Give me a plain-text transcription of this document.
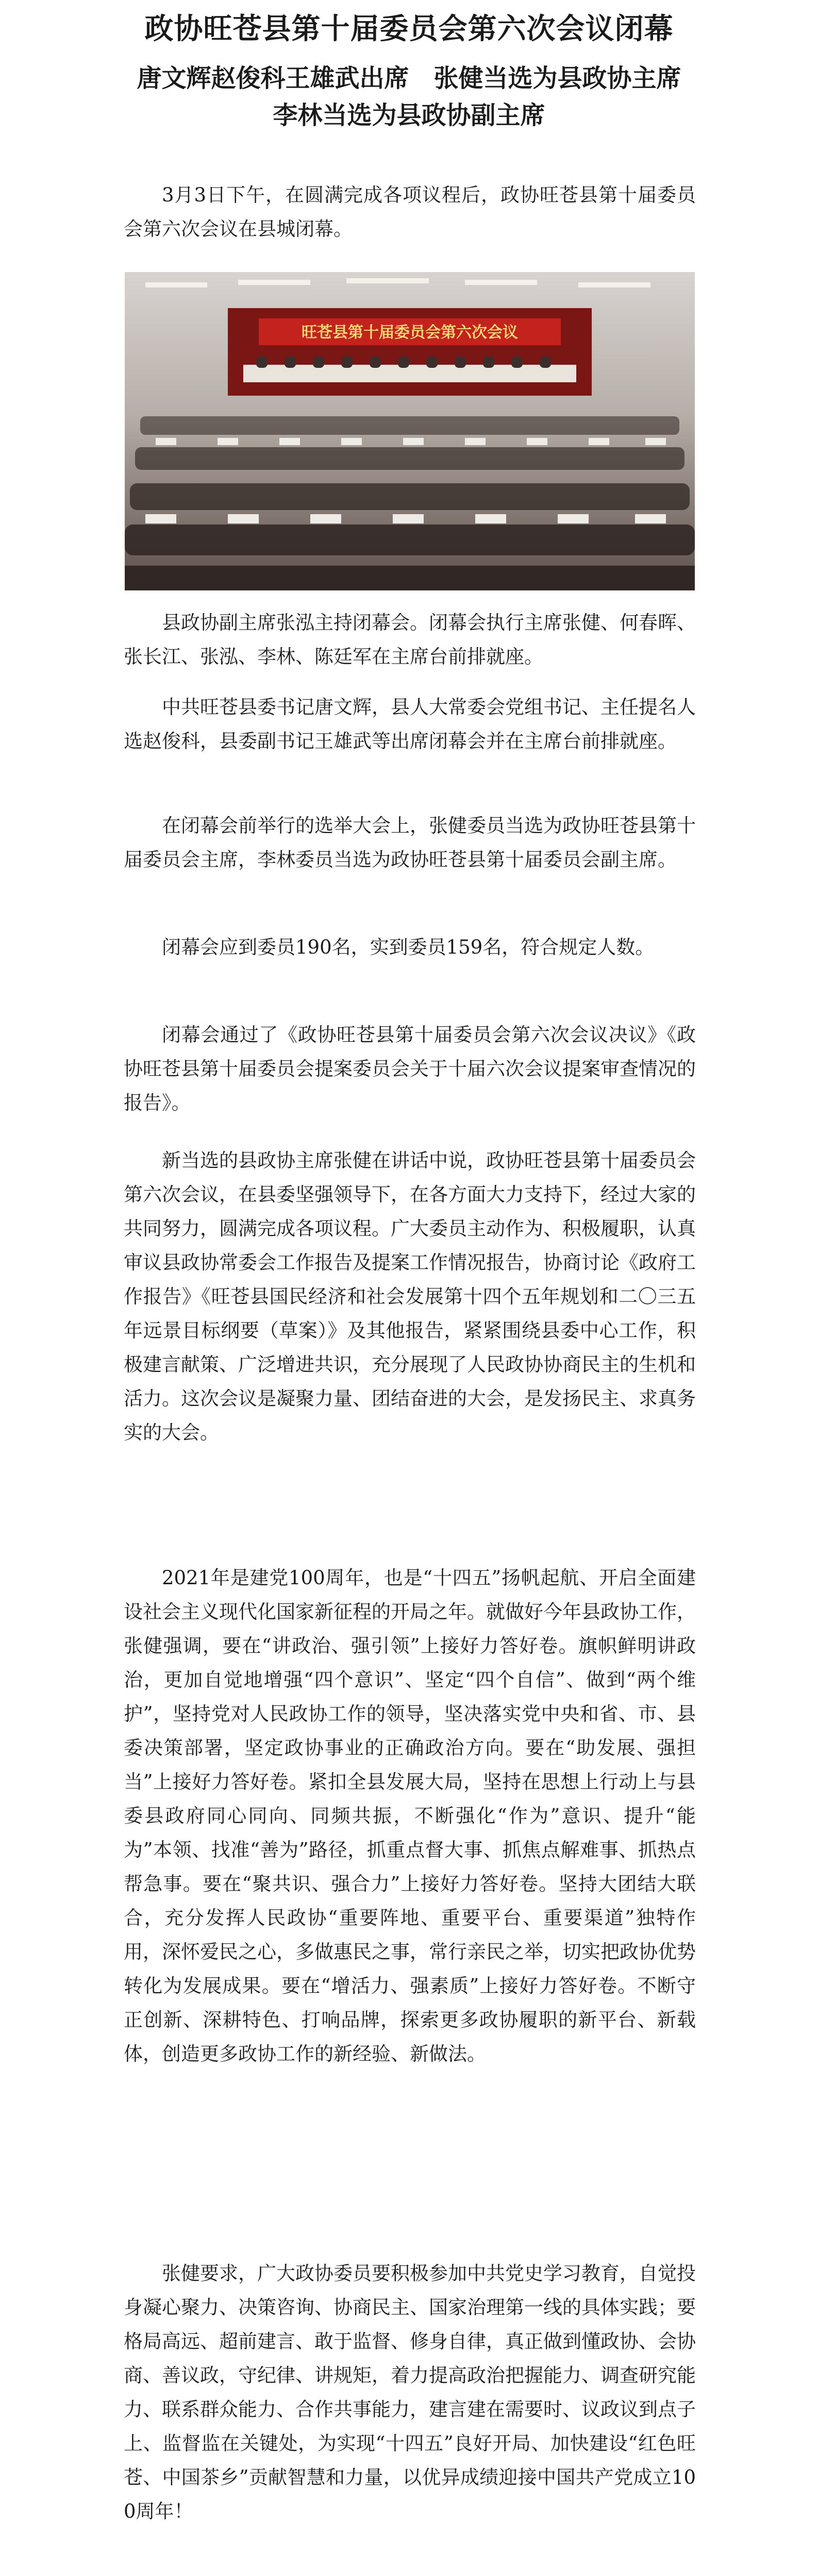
政协旺苍县第十届委员会第六次会议闭幕
唐文辉赵俊科王雄武出席　张健当选为县政协主席
李林当选为县政协副主席

3月3日下午，在圆满完成各项议程后，政协旺苍县第十届委员会第六次会议在县城闭幕。

旺苍县第十届委员会第六次会议

县政协副主席张泓主持闭幕会。闭幕会执行主席张健、何春晖、张长江、张泓、李林、陈廷军在主席台前排就座。

中共旺苍县委书记唐文辉，县人大常委会党组书记、主任提名人选赵俊科，县委副书记王雄武等出席闭幕会并在主席台前排就座。

在闭幕会前举行的选举大会上，张健委员当选为政协旺苍县第十届委员会主席，李林委员当选为政协旺苍县第十届委员会副主席。

闭幕会应到委员190名，实到委员159名，符合规定人数。

闭幕会通过了《政协旺苍县第十届委员会第六次会议决议》《政协旺苍县第十届委员会提案委员会关于十届六次会议提案审查情况的报告》。

新当选的县政协主席张健在讲话中说，政协旺苍县第十届委员会第六次会议，在县委坚强领导下，在各方面大力支持下，经过大家的共同努力，圆满完成各项议程。广大委员主动作为、积极履职，认真审议县政协常委会工作报告及提案工作情况报告，协商讨论《政府工作报告》《旺苍县国民经济和社会发展第十四个五年规划和二〇三五年远景目标纲要（草案）》及其他报告，紧紧围绕县委中心工作，积极建言献策、广泛增进共识，充分展现了人民政协协商民主的生机和活力。这次会议是凝聚力量、团结奋进的大会，是发扬民主、求真务实的大会。

2021年是建党100周年，也是“十四五”扬帆起航、开启全面建设社会主义现代化国家新征程的开局之年。就做好今年县政协工作，张健强调，要在“讲政治、强引领”上接好力答好卷。旗帜鲜明讲政治，更加自觉地增强“四个意识”、坚定“四个自信”、做到“两个维护”，坚持党对人民政协工作的领导，坚决落实党中央和省、市、县委决策部署，坚定政协事业的正确政治方向。要在“助发展、强担当”上接好力答好卷。紧扣全县发展大局，坚持在思想上行动上与县委县政府同心同向、同频共振，不断强化“作为”意识、提升“能为”本领、找准“善为”路径，抓重点督大事、抓焦点解难事、抓热点帮急事。要在“聚共识、强合力”上接好力答好卷。坚持大团结大联合，充分发挥人民政协“重要阵地、重要平台、重要渠道”独特作用，深怀爱民之心，多做惠民之事，常行亲民之举，切实把政协优势转化为发展成果。要在“增活力、强素质”上接好力答好卷。不断守正创新、深耕特色、打响品牌，探索更多政协履职的新平台、新载体，创造更多政协工作的新经验、新做法。

张健要求，广大政协委员要积极参加中共党史学习教育，自觉投身凝心聚力、决策咨询、协商民主、国家治理第一线的具体实践；要格局高远、超前建言、敢于监督、修身自律，真正做到懂政协、会协商、善议政，守纪律、讲规矩，着力提高政治把握能力、调查研究能力、联系群众能力、合作共事能力，建言建在需要时、议政议到点子上、监督监在关键处，为实现“十四五”良好开局、加快建设“红色旺苍、中国茶乡”贡献智慧和力量，以优异成绩迎接中国共产党成立100周年！
